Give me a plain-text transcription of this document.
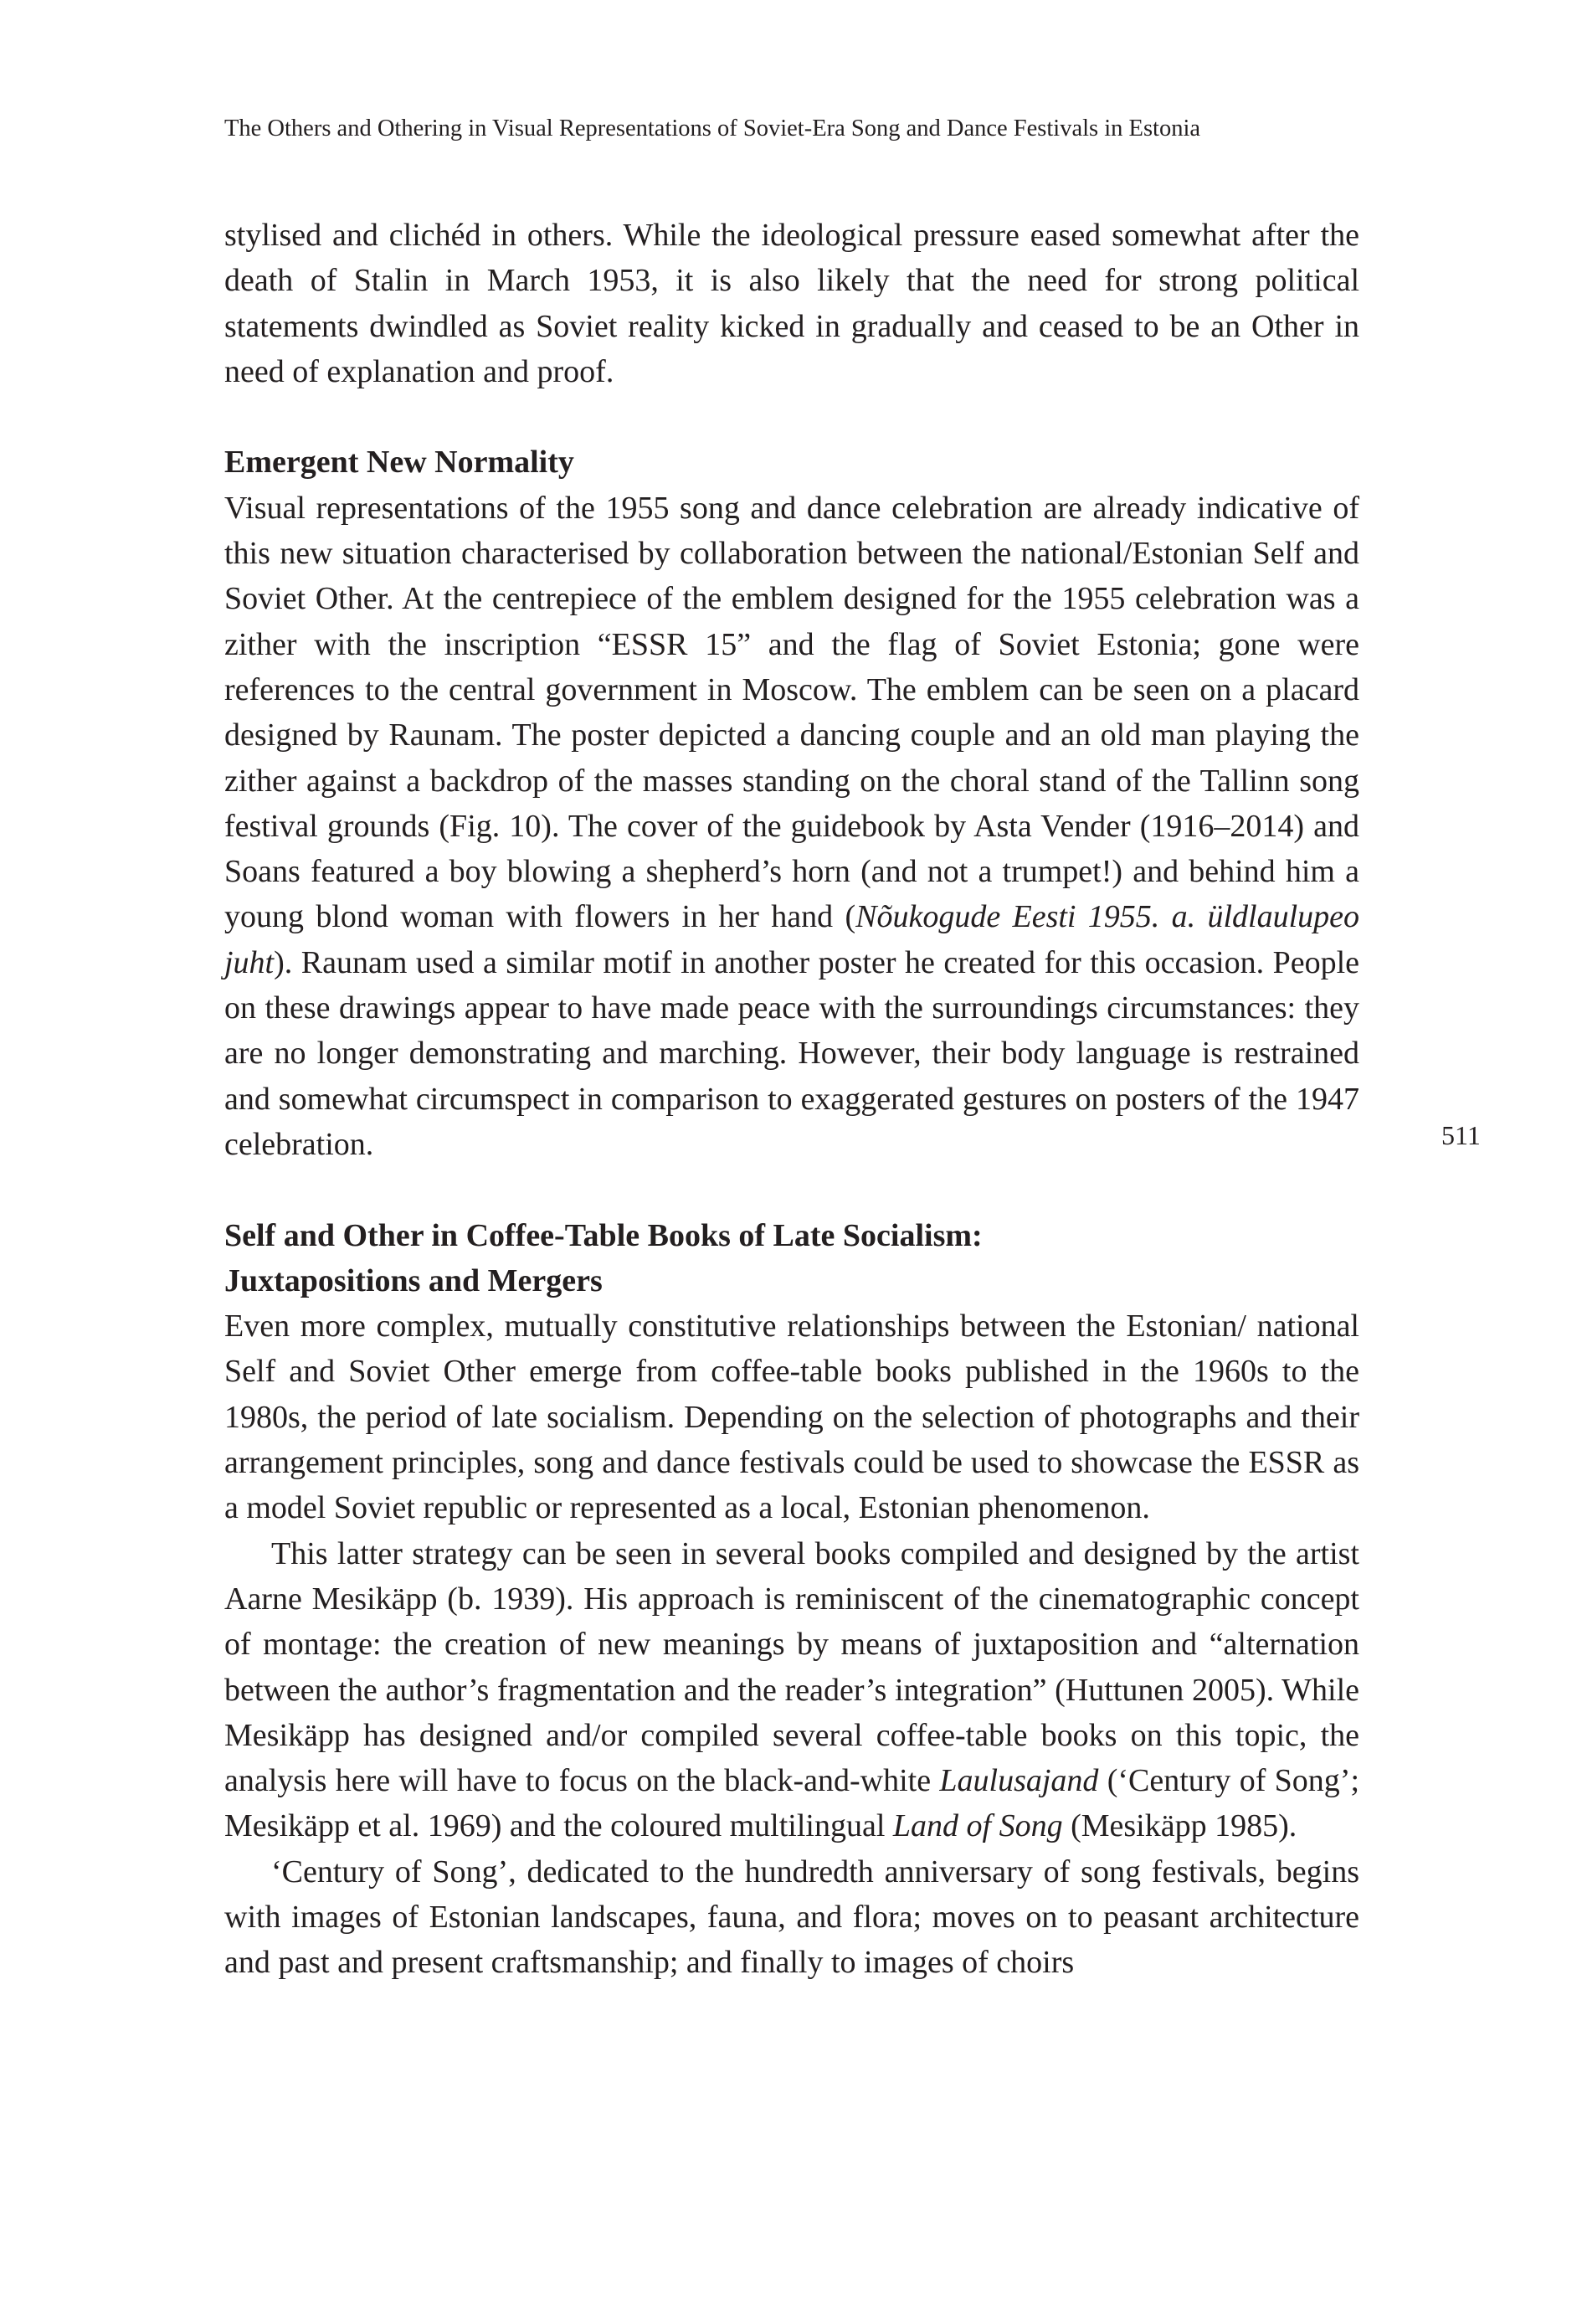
The Others and Othering in Visual Representations of Soviet-Era Song and Dance Festivals in Estonia

stylised and clichéd in others. While the ideological pressure eased somewhat after the death of Stalin in March 1953, it is also likely that the need for strong political statements dwindled as Soviet reality kicked in gradually and ceased to be an Other in need of explanation and proof.

Emergent New Normality

Visual representations of the 1955 song and dance celebration are already indicative of this new situation characterised by collaboration between the national/Estonian Self and Soviet Other. At the centrepiece of the emblem designed for the 1955 celebration was a zither with the inscription “ESSR 15” and the flag of Soviet Estonia; gone were references to the central government in Moscow. The emblem can be seen on a placard designed by Raunam. The poster depicted a dancing couple and an old man playing the zither against a backdrop of the masses standing on the choral stand of the Tallinn song festival grounds (Fig. 10). The cover of the guidebook by Asta Vender (1916–2014) and Soans featured a boy blowing a shepherd’s horn (and not a trumpet!) and behind him a young blond woman with flowers in her hand (Nõukogude Eesti 1955. a. üldlaulupeo juht). Raunam used a similar motif in another poster he created for this occasion. People on these drawings appear to have made peace with the surroundings circumstances: they are no longer demonstrating and marching. However, their body language is restrained and somewhat circumspect in comparison to exaggerated gestures on posters of the 1947 celebration.

Self and Other in Coffee-Table Books of Late Socialism:
Juxtapositions and Mergers

Even more complex, mutually constitutive relationships between the Estonian/ national Self and Soviet Other emerge from coffee-table books published in the 1960s to the 1980s, the period of late socialism. Depending on the selection of photographs and their arrangement principles, song and dance festivals could be used to showcase the ESSR as a model Soviet republic or represented as a local, Estonian phenomenon.

This latter strategy can be seen in several books compiled and designed by the artist Aarne Mesikäpp (b. 1939). His approach is reminiscent of the cinematographic concept of montage: the creation of new meanings by means of juxtaposition and “alternation between the author’s fragmentation and the reader’s integration” (Huttunen 2005). While Mesikäpp has designed and/or compiled several coffee-table books on this topic, the analysis here will have to focus on the black-and-white Laulusajand (‘Century of Song’; Mesikäpp et al. 1969) and the coloured multilingual Land of Song (Mesikäpp 1985).

‘Century of Song’, dedicated to the hundredth anniversary of song festivals, begins with images of Estonian landscapes, fauna, and flora; moves on to peasant architecture and past and present craftsmanship; and finally to images of choirs

511
